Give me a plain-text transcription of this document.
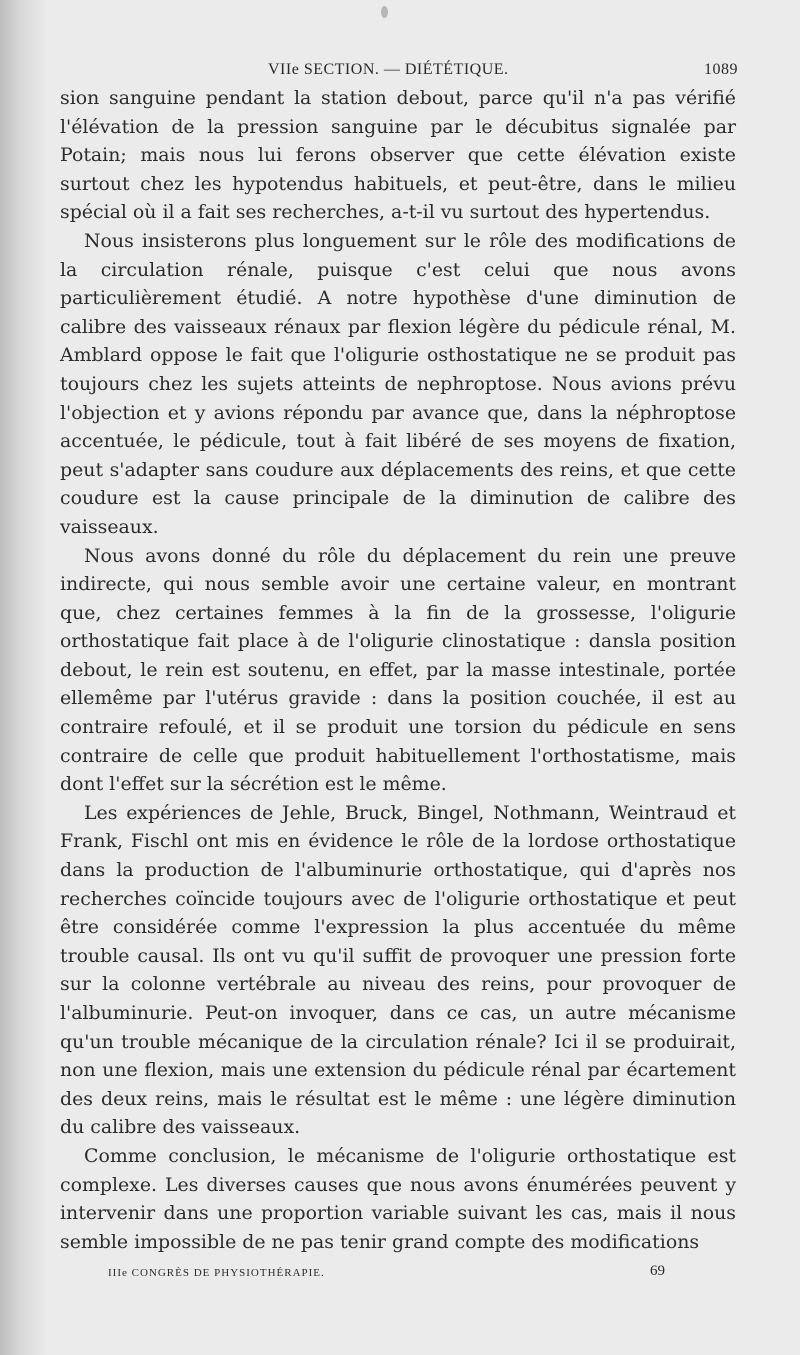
VIIe SECTION. — DIÉTÉTIQUE.	1089

sion sanguine pendant la station debout, parce qu'il n'a pas vérifié l'élévation de la pression sanguine par le décubitus signalée par Potain; mais nous lui ferons observer que cette élévation existe surtout chez les hypotendus habituels, et peut-être, dans le milieu spécial où il a fait ses recherches, a-t-il vu surtout des hypertendus.

Nous insisterons plus longuement sur le rôle des modifications de la circulation rénale, puisque c'est celui que nous avons particulièrement étudié. A notre hypothèse d'une diminution de calibre des vaisseaux rénaux par flexion légère du pédicule rénal, M. Amblard oppose le fait que l'oligurie osthostatique ne se produit pas toujours chez les sujets atteints de nephroptose. Nous avions prévu l'objection et y avions répondu par avance que, dans la néphroptose accentuée, le pédicule, tout à fait libéré de ses moyens de fixation, peut s'adapter sans coudure aux déplacements des reins, et que cette coudure est la cause principale de la diminution de calibre des vaisseaux.

Nous avons donné du rôle du déplacement du rein une preuve indirecte, qui nous semble avoir une certaine valeur, en montrant que, chez certaines femmes à la fin de la grossesse, l'oligurie orthostatique fait place à de l'oligurie clinostatique : dansla position debout, le rein est soutenu, en effet, par la masse intestinale, portée ellemême par l'utérus gravide : dans la position couchée, il est au contraire refoulé, et il se produit une torsion du pédicule en sens contraire de celle que produit habituellement l'orthostatisme, mais dont l'effet sur la sécrétion est le même.

Les expériences de Jehle, Bruck, Bingel, Nothmann, Weintraud et Frank, Fischl ont mis en évidence le rôle de la lordose orthostatique dans la production de l'albuminurie orthostatique, qui d'après nos recherches coïncide toujours avec de l'oligurie orthostatique et peut être considérée comme l'expression la plus accentuée du même trouble causal. Ils ont vu qu'il suffit de provoquer une pression forte sur la colonne vertébrale au niveau des reins, pour provoquer de l'albuminurie. Peut-on invoquer, dans ce cas, un autre mécanisme qu'un trouble mécanique de la circulation rénale? Ici il se produirait, non une flexion, mais une extension du pédicule rénal par écartement des deux reins, mais le résultat est le même : une légère diminution du calibre des vaisseaux.

Comme conclusion, le mécanisme de l'oligurie orthostatique est complexe. Les diverses causes que nous avons énumérées peuvent y intervenir dans une proportion variable suivant les cas, mais il nous semble impossible de ne pas tenir grand compte des modifications

IIIe CONGRÈS DE PHYSIOTHÉRAPIE.	69
